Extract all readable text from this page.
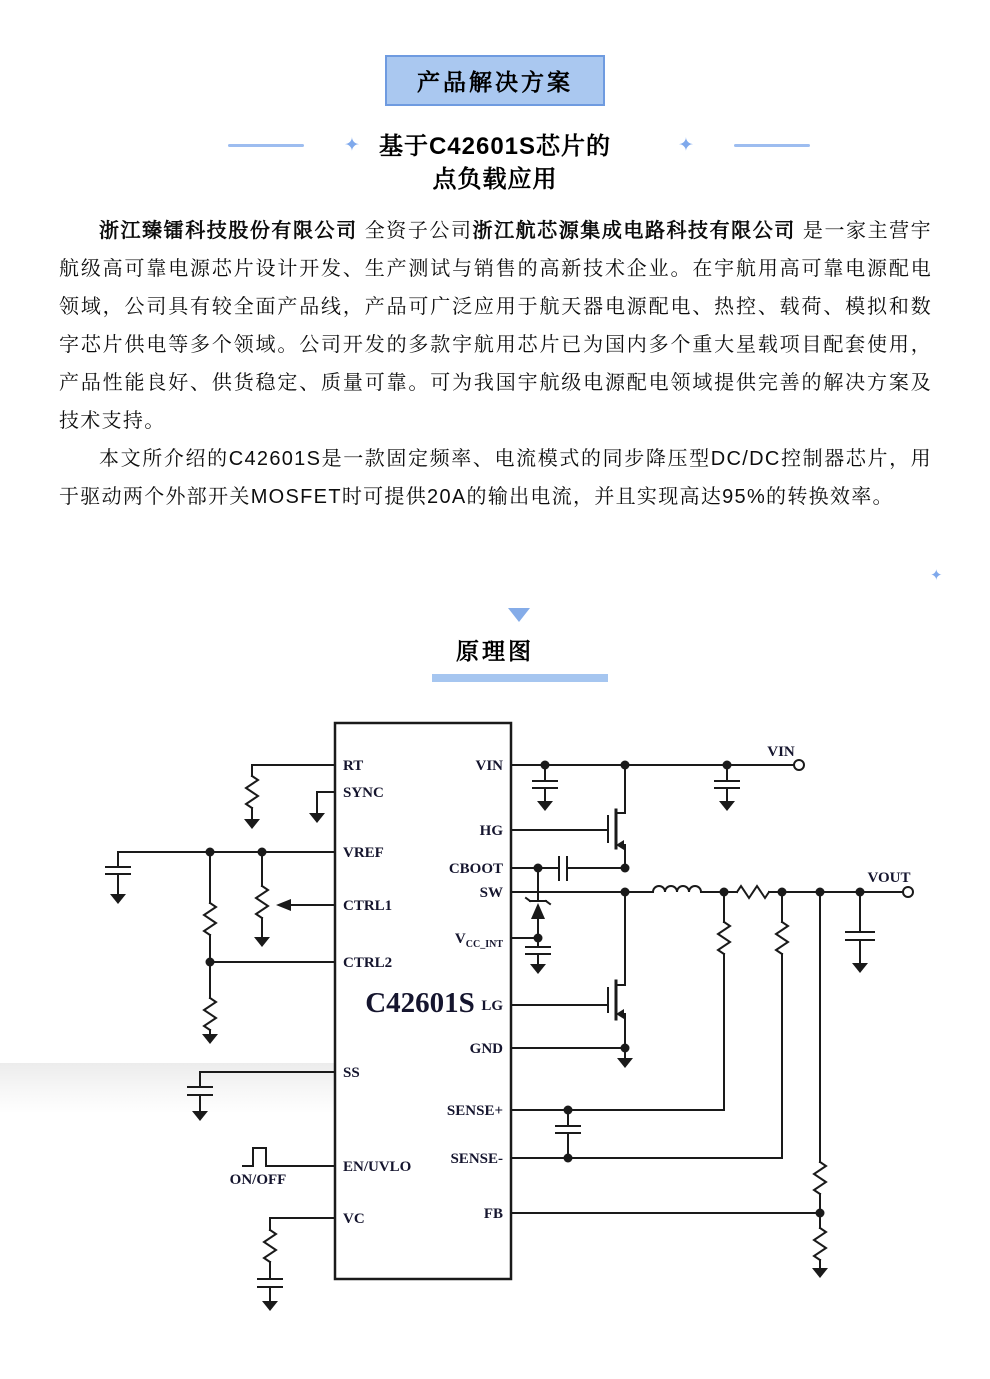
产品解决方案
✦	✦
基于C42601S芯片的
点负载应用

浙江臻镭科技股份有限公司 全资子公司浙江航芯源集成电路科技有限公司 是一家主营宇航级高可靠电源芯片设计开发、生产测试与销售的高新技术企业。在宇航用高可靠电源配电领域，公司具有较全面产品线，产品可广泛应用于航天器电源配电、热控、载荷、模拟和数字芯片供电等多个领域。公司开发的多款宇航用芯片已为国内多个重大星载项目配套使用，产品性能良好、供货稳定、质量可靠。可为我国宇航级电源配电领域提供完善的解决方案及技术支持。

本文所介绍的C42601S是一款固定频率、电流模式的同步降压型DC/DC控制器芯片，用于驱动两个外部开关MOSFET时可提供20A的输出电流，并且实现高达95%的转换效率。

✦
原理图
C42601S
ON/OFF
VIN
VOUT
RT
SYNC
VREF
CTRL1
CTRL2
SS
EN/UVLO
VC
VIN
HG
CBOOT
SW
$V_{CC\_INT}$
LG
GND
SENSE+
SENSE-
FB
